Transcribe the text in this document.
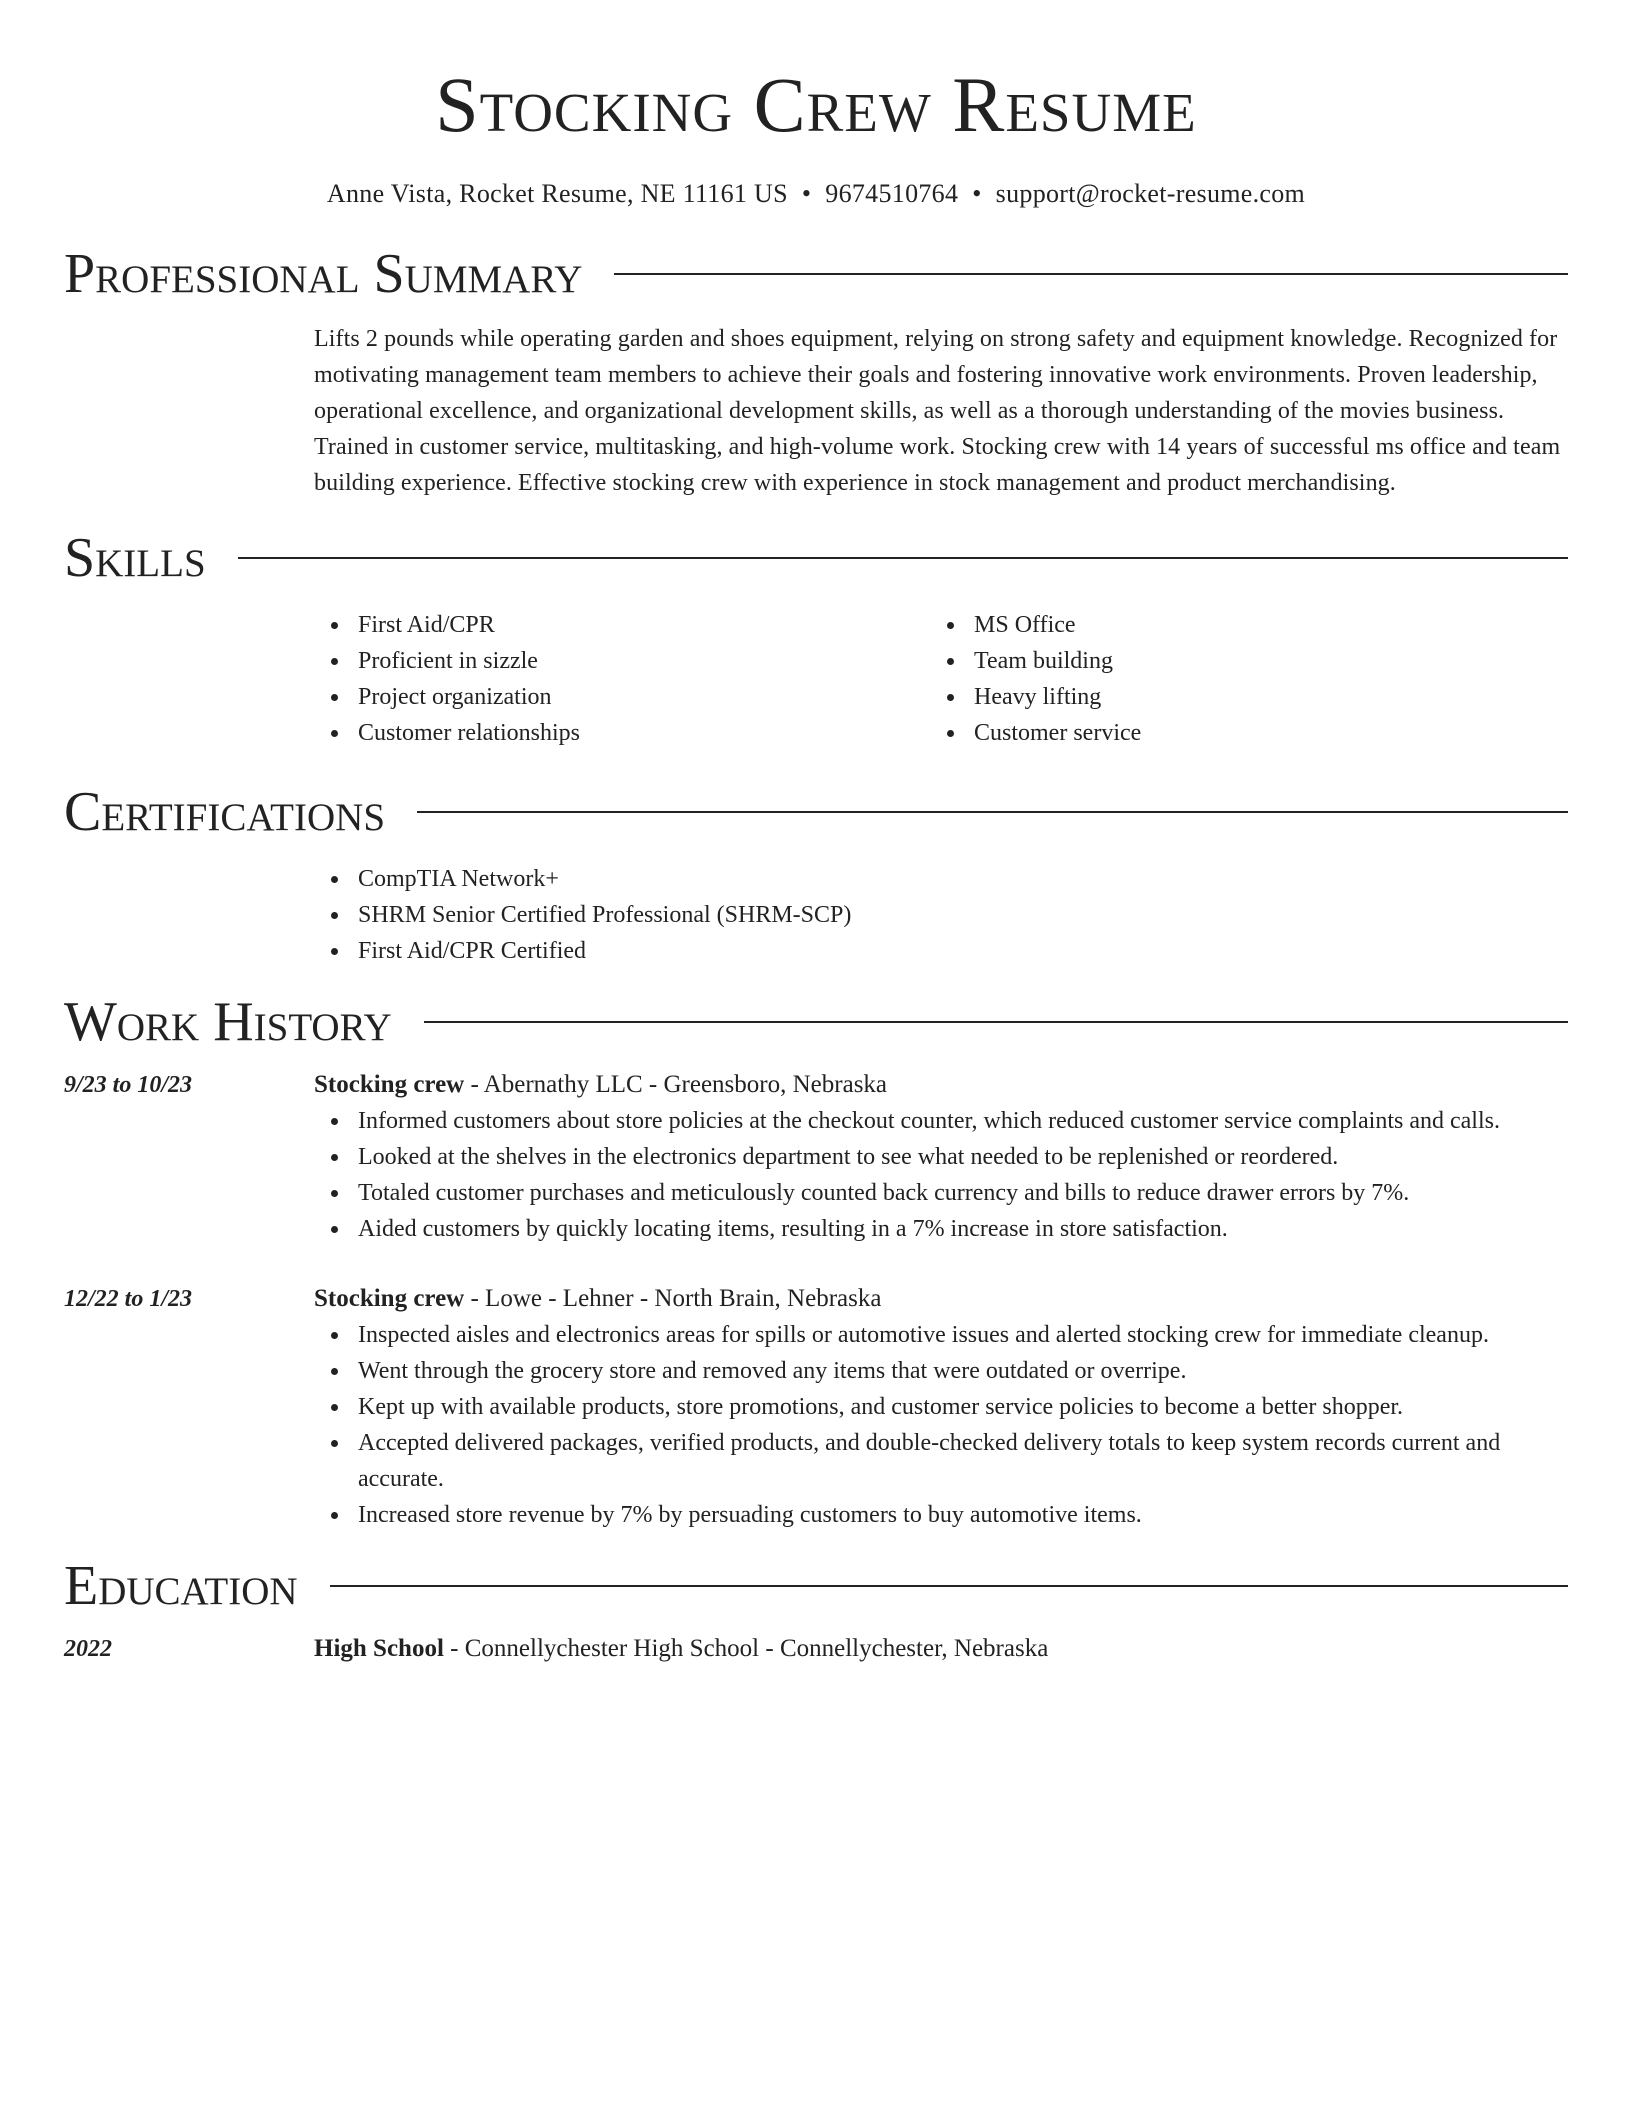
Stocking Crew Resume
Anne Vista, Rocket Resume, NE 11161 US • 9674510764 • support@rocket-resume.com
Professional Summary

Lifts 2 pounds while operating garden and shoes equipment, relying on strong safety and equipment knowledge. Recognized for motivating management team members to achieve their goals and fostering innovative work environments. Proven leadership, operational excellence, and organizational development skills, as well as a thorough understanding of the movies business. Trained in customer service, multitasking, and high-volume work. Stocking crew with 14 years of successful ms office and team building experience. Effective stocking crew with experience in stock management and product merchandising.

Skills
First Aid/CPR
Proficient in sizzle
Project organization
Customer relationships
MS Office
Team building
Heavy lifting
Customer service
Certifications
CompTIA Network+
SHRM Senior Certified Professional (SHRM-SCP)
First Aid/CPR Certified
Work History
9/23 to 10/23	Stocking crew - Abernathy LLC - Greensboro, Nebraska
Informed customers about store policies at the checkout counter, which reduced customer service complaints and calls.
Looked at the shelves in the electronics department to see what needed to be replenished or reordered.
Totaled customer purchases and meticulously counted back currency and bills to reduce drawer errors by 7%.
Aided customers by quickly locating items, resulting in a 7% increase in store satisfaction.
12/22 to 1/23	Stocking crew - Lowe - Lehner - North Brain, Nebraska
Inspected aisles and electronics areas for spills or automotive issues and alerted stocking crew for immediate cleanup.
Went through the grocery store and removed any items that were outdated or overripe.
Kept up with available products, store promotions, and customer service policies to become a better shopper.
Accepted delivered packages, verified products, and double-checked delivery totals to keep system records current and accurate.
Increased store revenue by 7% by persuading customers to buy automotive items.
Education
2022	High School - Connellychester High School - Connellychester, Nebraska
